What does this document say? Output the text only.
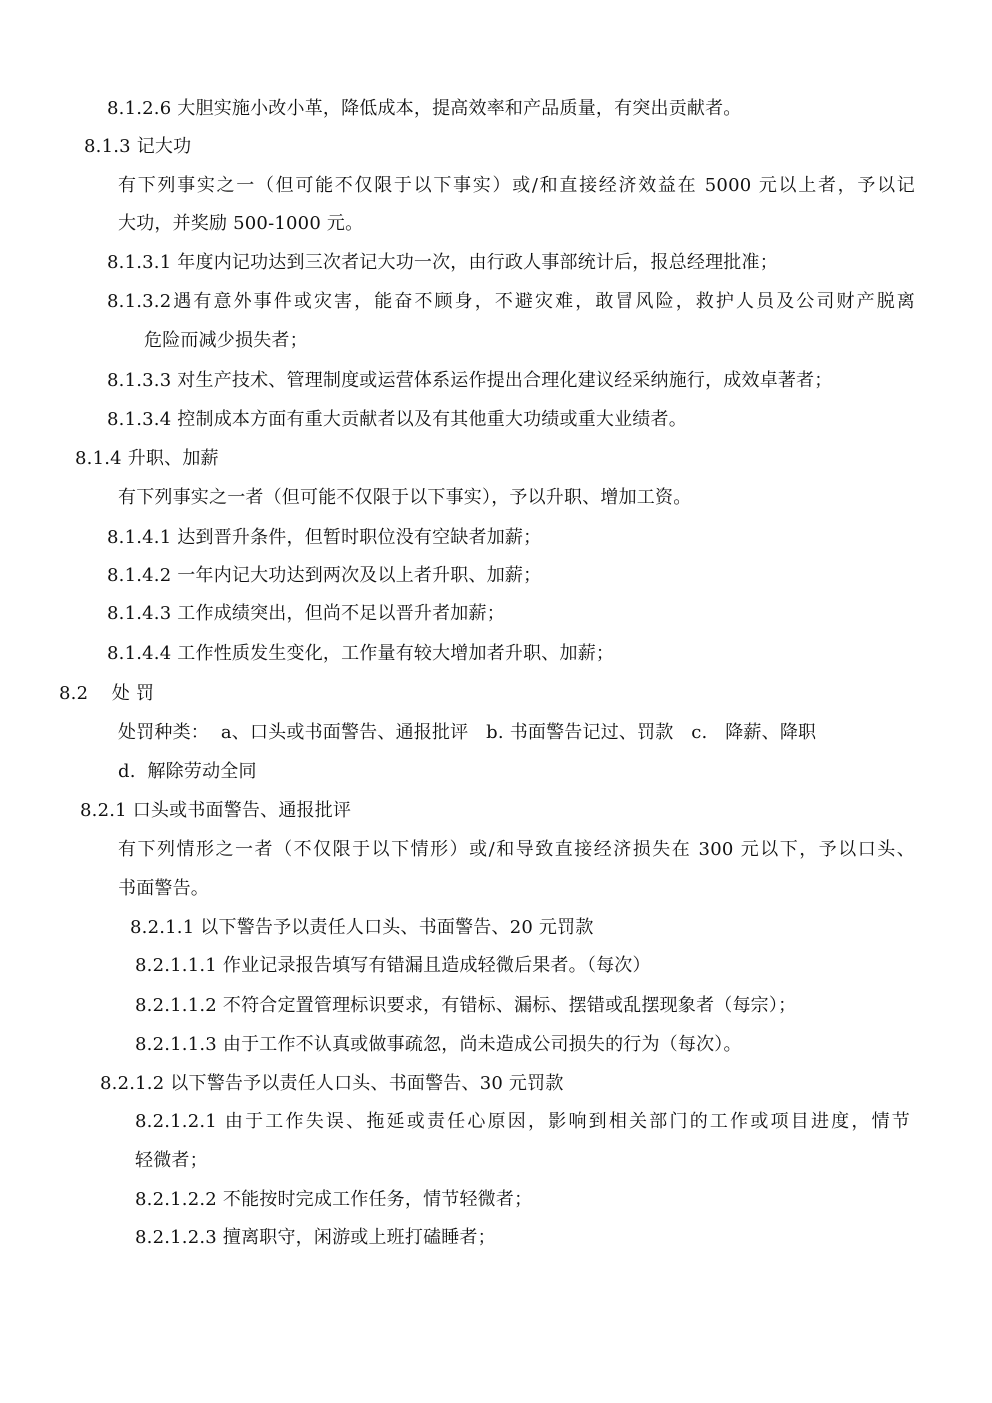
8.1.2.6 大胆实施小改小革，降低成本，提高效率和产品质量，有突出贡献者。
8.1.3 记大功
有下列事实之一（但可能不仅限于以下事实）或/和直接经济效益在 5000 元以上者，予以记
大功，并奖励 500-1000 元。
8.1.3.1 年度内记功达到三次者记大功一次，由行政人事部统计后，报总经理批准；
8.1.3.2遇有意外事件或灾害，能奋不顾身，不避灾难，敢冒风险，救护人员及公司财产脱离
危险而减少损失者；
8.1.3.3 对生产技术、管理制度或运营体系运作提出合理化建议经采纳施行，成效卓著者；
8.1.3.4 控制成本方面有重大贡献者以及有其他重大功绩或重大业绩者。
8.1.4 升职、加薪
有下列事实之一者（但可能不仅限于以下事实），予以升职、增加工资。
8.1.4.1 达到晋升条件，但暂时职位没有空缺者加薪；
8.1.4.2 一年内记大功达到两次及以上者升职、加薪；
8.1.4.3 工作成绩突出，但尚不足以晋升者加薪；
8.1.4.4 工作性质发生变化，工作量有较大增加者升职、加薪；
8.2    处 罚
处罚种类：  a、口头或书面警告、通报批评   b. 书面警告记过、罚款   c.   降薪、降职
d.  解除劳动全同
8.2.1 口头或书面警告、通报批评
有下列情形之一者（不仅限于以下情形）或/和导致直接经济损失在 300 元以下，予以口头、
书面警告。
8.2.1.1 以下警告予以责任人口头、书面警告、20 元罚款
8.2.1.1.1 作业记录报告填写有错漏且造成轻微后果者。（每次）
8.2.1.1.2 不符合定置管理标识要求，有错标、漏标、摆错或乱摆现象者（每宗）；
8.2.1.1.3 由于工作不认真或做事疏忽，尚未造成公司损失的行为（每次）。
8.2.1.2 以下警告予以责任人口头、书面警告、30 元罚款
8.2.1.2.1 由于工作失误、拖延或责任心原因，影响到相关部门的工作或项目进度，情节
轻微者；
8.2.1.2.2 不能按时完成工作任务，情节轻微者；
8.2.1.2.3 擅离职守，闲游或上班打磕睡者；
